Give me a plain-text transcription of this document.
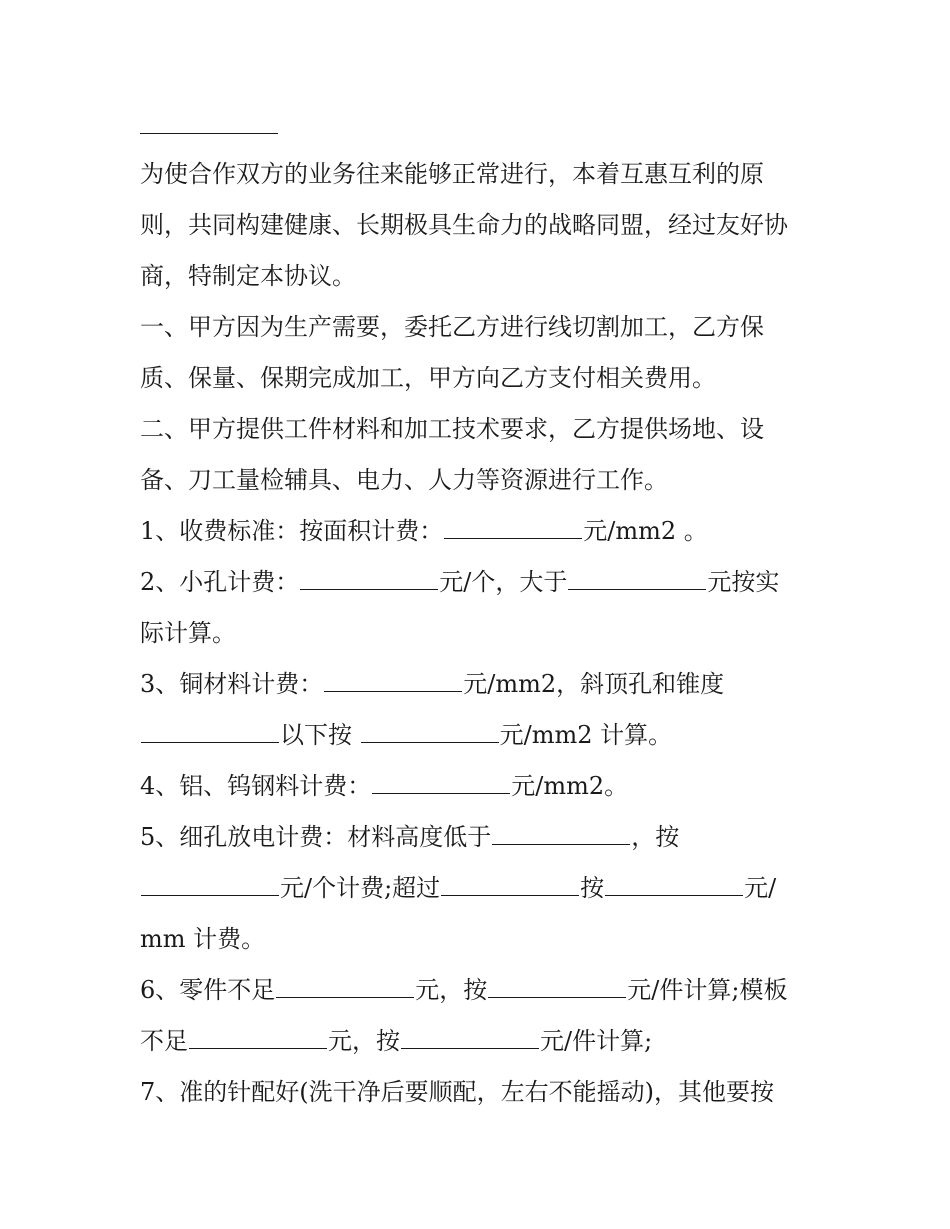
为使合作双方的业务往来能够正常进行，本着互惠互利的原
则，共同构建健康、长期极具生命力的战略同盟，经过友好协
商，特制定本协议。
一、甲方因为生产需要，委托乙方进行线切割加工，乙方保
质、保量、保期完成加工，甲方向乙方支付相关费用。
二、甲方提供工件材料和加工技术要求，乙方提供场地、设
备、刀工量检辅具、电力、人力等资源进行工作。
1、收费标准：按面积计费：	元/mm2 。
2、小孔计费：	元/个，大于	元按实
际计算。
3、铜材料计费：	元/mm2，斜顶孔和锥度
以下按	元/mm2 计算。
4、铝、钨钢料计费：	元/mm2。
5、细孔放电计费：材料高度低于	，按
元/个计费;超过	按	元/
mm 计费。
6、零件不足	元，按	元/件计算;模板
不足	元，按	元/件计算;
7、准的针配好(洗干净后要顺配，左右不能摇动)，其他要按
